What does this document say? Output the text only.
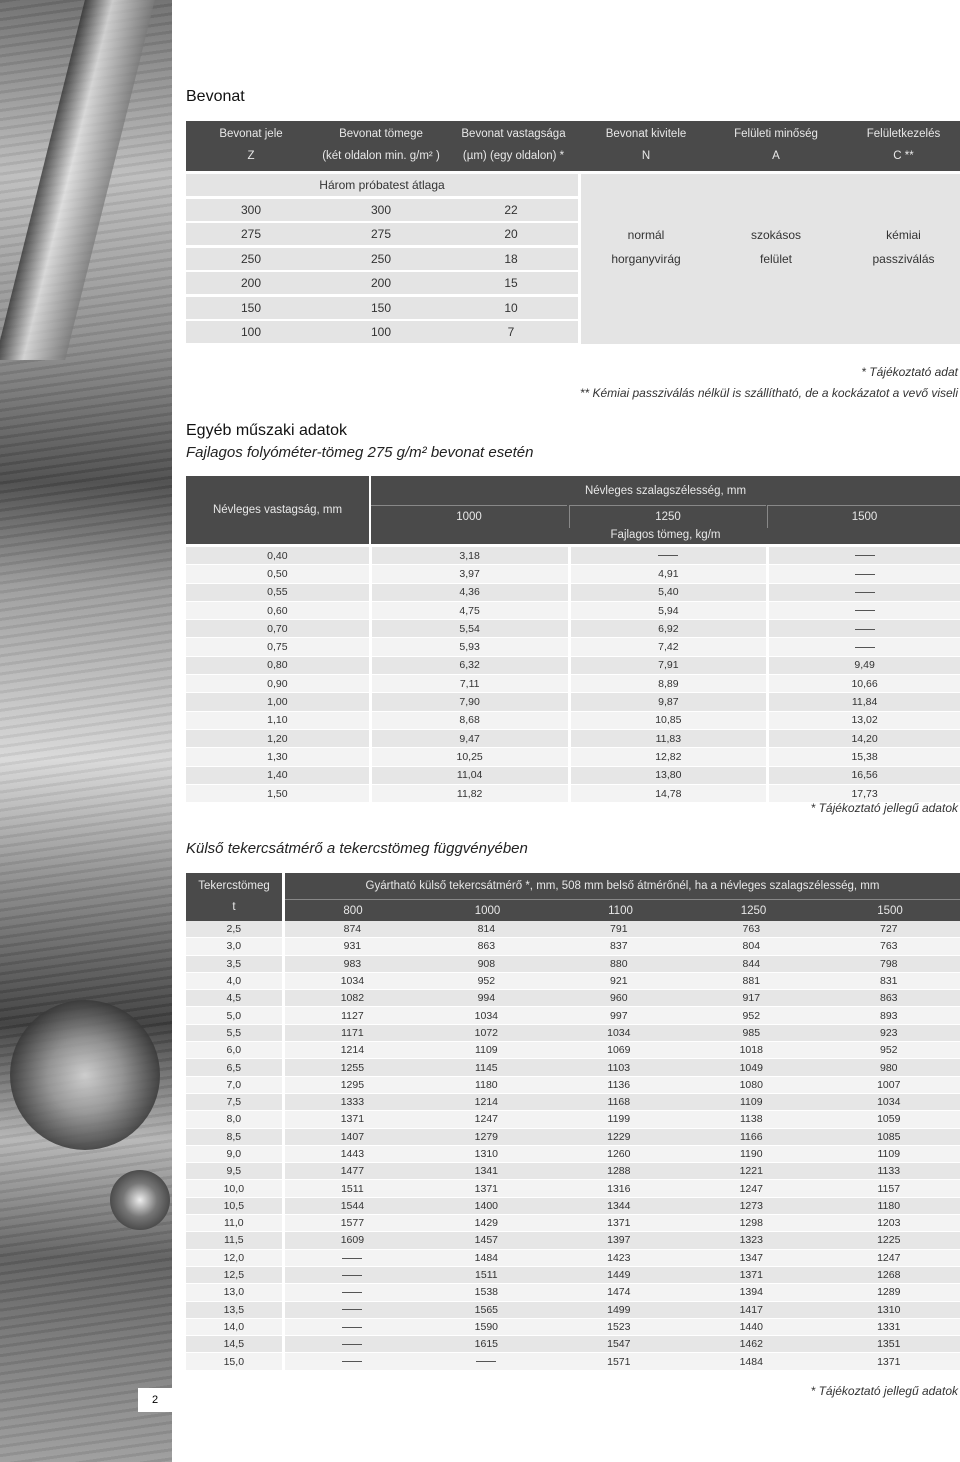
2
Bevonat
Bevonat jele	Bevonat tömege	Bevonat vastagsága	Bevonat kivitele	Felületi minőség	Felületkezelés
Z	(két oldalon min. g/m² )	(µm) (egy oldalon) *	N	A	C **
Három próbatest átlaga
300	300	22
275	275	20
250	250	18
200	200	15
150	150	10
100	100	7
normál
horganyvirág
szokásos
felület
kémiai
passziválás
* Tájékoztató adat
** Kémiai passziválás nélkül is szállítható, de a kockázatot a vevő viseli
Egyéb műszaki adatok
Fajlagos folyóméter-tömeg 275 g/m² bevonat esetén
Névleges vastagság, mm
Névleges szalagszélesség, mm
1000	1250	1500
Fajlagos tömeg, kg/m
0,40	3,18		
0,50	3,97	4,91	
0,55	4,36	5,40	
0,60	4,75	5,94	
0,70	5,54	6,92	
0,75	5,93	7,42	
0,80	6,32	7,91	9,49
0,90	7,11	8,89	10,66
1,00	7,90	9,87	11,84
1,10	8,68	10,85	13,02
1,20	9,47	11,83	14,20
1,30	10,25	12,82	15,38
1,40	11,04	13,80	16,56
1,50	11,82	14,78	17,73
* Tájékoztató jellegű adatok
Külső tekercsátmérő a tekercstömeg függvényében
Tekercstömeg
t
Gyártható külső tekercsátmérő *, mm, 508 mm belső átmérőnél, ha a névleges szalagszélesség, mm
800	1000	1100	1250	1500
2,5	874	814	791	763	727
3,0	931	863	837	804	763
3,5	983	908	880	844	798
4,0	1034	952	921	881	831
4,5	1082	994	960	917	863
5,0	1127	1034	997	952	893
5,5	1171	1072	1034	985	923
6,0	1214	1109	1069	1018	952
6,5	1255	1145	1103	1049	980
7,0	1295	1180	1136	1080	1007
7,5	1333	1214	1168	1109	1034
8,0	1371	1247	1199	1138	1059
8,5	1407	1279	1229	1166	1085
9,0	1443	1310	1260	1190	1109
9,5	1477	1341	1288	1221	1133
10,0	1511	1371	1316	1247	1157
10,5	1544	1400	1344	1273	1180
11,0	1577	1429	1371	1298	1203
11,5	1609	1457	1397	1323	1225
12,0		1484	1423	1347	1247
12,5		1511	1449	1371	1268
13,0		1538	1474	1394	1289
13,5		1565	1499	1417	1310
14,0		1590	1523	1440	1331
14,5		1615	1547	1462	1351
15,0			1571	1484	1371
* Tájékoztató jellegű adatok
